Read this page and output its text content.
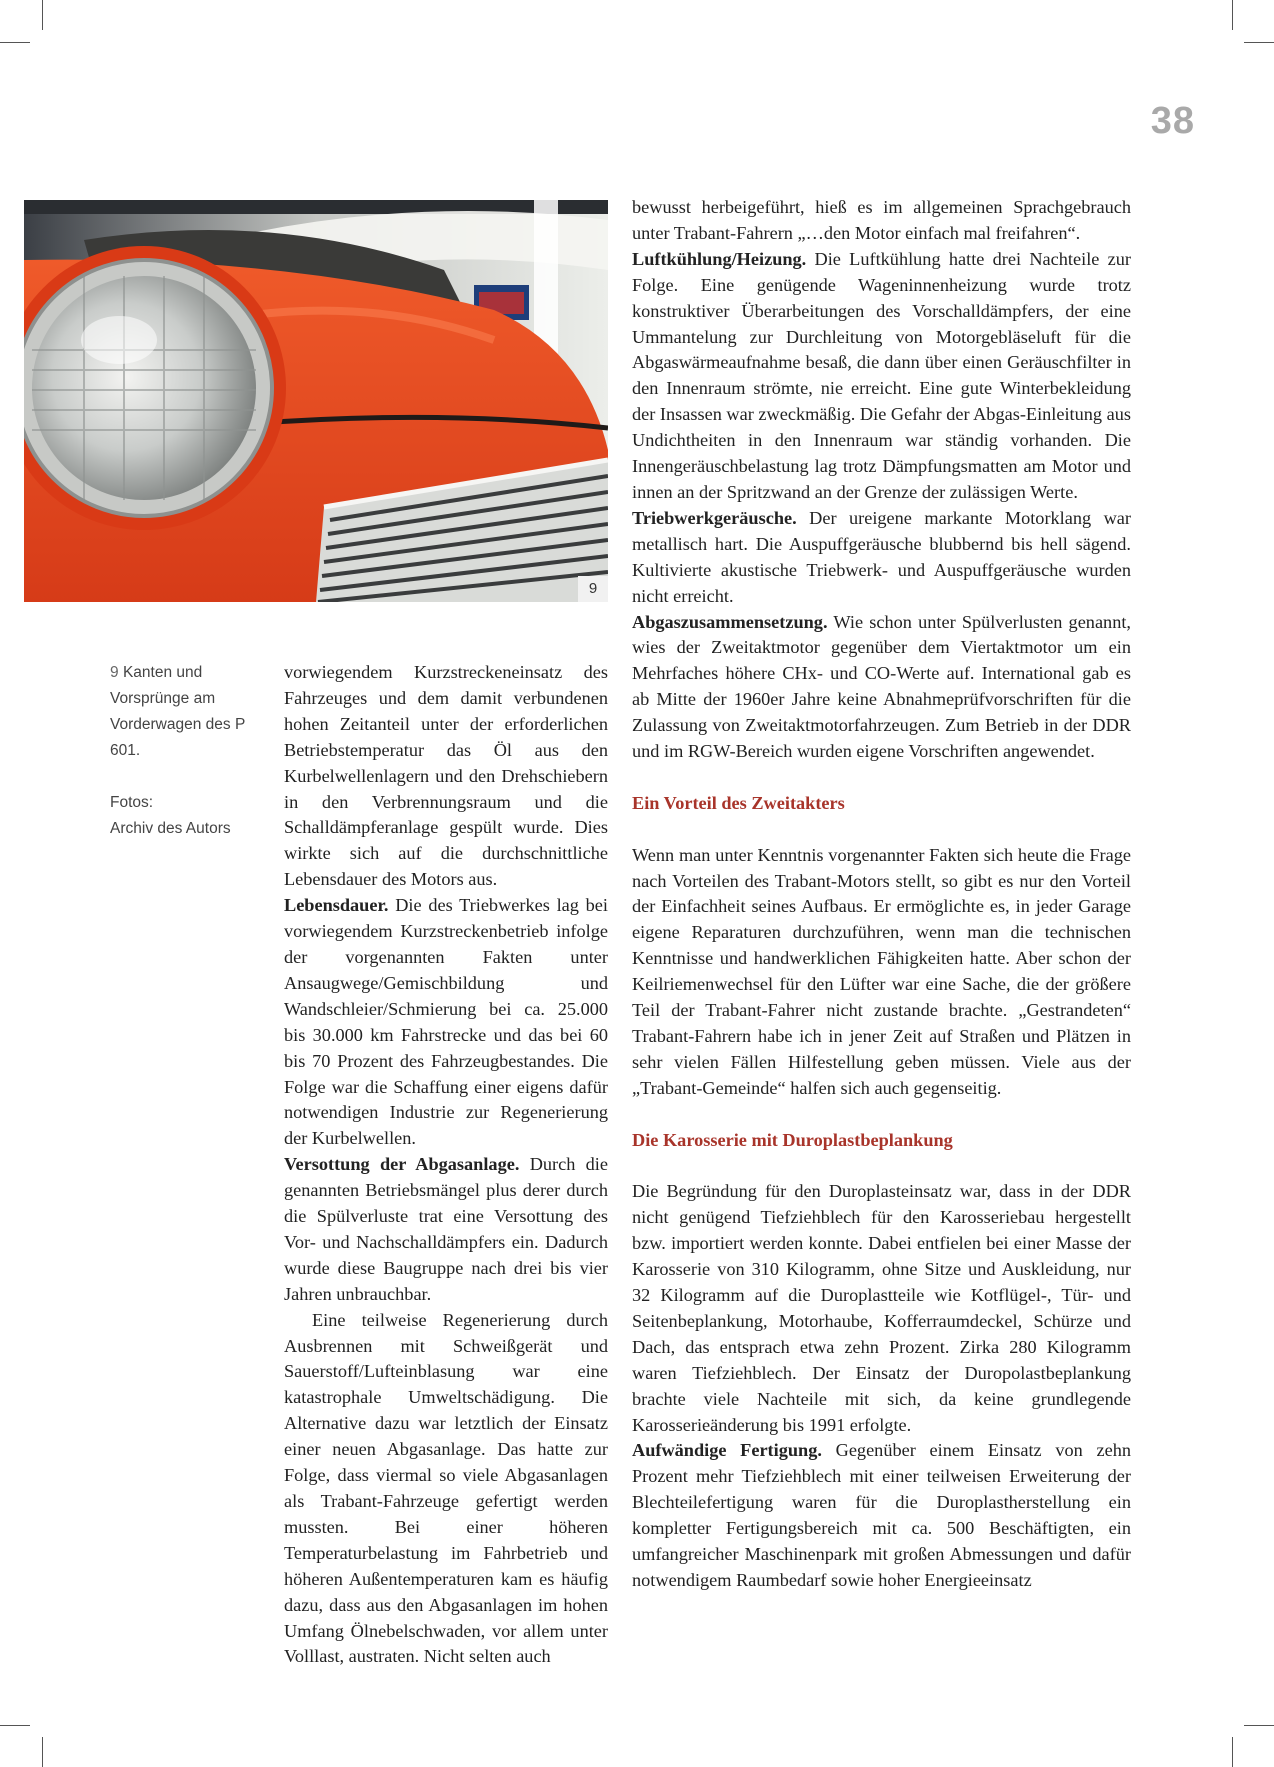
38
9
9 Kanten und Vorsprünge am Vorderwagen des P 601.
Fotos:
Archiv des Autors

vorwiegendem Kurzstreckeneinsatz des Fahrzeuges und dem damit verbundenen hohen Zeitanteil unter der erforderlichen Betriebstemperatur das Öl aus den Kurbelwellenlagern und den Drehschiebern in den Verbrennungsraum und die Schalldämpferanlage gespült wurde. Dies wirkte sich auf die durchschnittliche Lebensdauer des Motors aus.

Lebensdauer. Die des Triebwerkes lag bei vorwiegendem Kurzstreckenbetrieb infolge der vorgenannten Fakten unter Ansaugwege/Gemischbildung und Wandschleier/Schmierung bei ca. 25.000 bis 30.000 km Fahrstrecke und das bei 60 bis 70 Prozent des Fahrzeugbestandes. Die Folge war die Schaffung einer eigens dafür notwendigen Industrie zur Regenerierung der Kurbelwellen.

Versottung der Abgasanlage. Durch die genannten Betriebsmängel plus derer durch die Spülverluste trat eine Versottung des Vor- und Nachschalldämpfers ein. Dadurch wurde diese Baugruppe nach drei bis vier Jahren unbrauchbar.

Eine teilweise Regenerierung durch Ausbrennen mit Schweißgerät und Sauerstoff/Lufteinblasung war eine katastrophale Umweltschädigung. Die Alternative dazu war letztlich der Einsatz einer neuen Abgasanlage. Das hatte zur Folge, dass viermal so viele Abgasanlagen als Trabant-Fahrzeuge gefertigt werden mussten. Bei einer höheren Temperaturbelastung im Fahrbetrieb und höheren Außentemperaturen kam es häufig dazu, dass aus den Abgasanlagen im hohen Umfang Ölnebelschwaden, vor allem unter Volllast, austraten. Nicht selten auch

bewusst herbeigeführt, hieß es im allgemeinen Sprachgebrauch unter Trabant-Fahrern „…den Motor einfach mal freifahren“.

Luftkühlung/Heizung. Die Luftkühlung hatte drei Nachteile zur Folge. Eine genügende Wageninnenheizung wurde trotz konstruktiver Überarbeitungen des Vorschalldämpfers, der eine Ummantelung zur Durchleitung von Motorgebläseluft für die Abgaswärmeaufnahme besaß, die dann über einen Geräuschfilter in den Innenraum strömte, nie erreicht. Eine gute Winterbekleidung der Insassen war zweckmäßig. Die Gefahr der Abgas-Einleitung aus Undichtheiten in den Innenraum war ständig vorhanden. Die Innengeräuschbelastung lag trotz Dämpfungsmatten am Motor und innen an der Spritzwand an der Grenze der zulässigen Werte.

Triebwerkgeräusche. Der ureigene markante Motorklang war metallisch hart. Die Auspuffgeräusche blubbernd bis hell sägend. Kultivierte akustische Triebwerk- und Auspuffgeräusche wurden nicht erreicht.

Abgaszusammensetzung. Wie schon unter Spülverlusten genannt, wies der Zweitaktmotor gegenüber dem Viertaktmotor um ein Mehrfaches höhere CHx- und CO-Werte auf. International gab es ab Mitte der 1960er Jahre keine Abnahmeprüfvorschriften für die Zulassung von Zweitaktmotorfahrzeugen. Zum Betrieb in der DDR und im RGW-Bereich wurden eigene Vorschriften angewendet.

Ein Vorteil des Zweitakters

Wenn man unter Kenntnis vorgenannter Fakten sich heute die Frage nach Vorteilen des Trabant-Motors stellt, so gibt es nur den Vorteil der Einfachheit seines Aufbaus. Er ermöglichte es, in jeder Garage eigene Reparaturen durchzuführen, wenn man die technischen Kenntnisse und handwerklichen Fähigkeiten hatte. Aber schon der Keilriemenwechsel für den Lüfter war eine Sache, die der größere Teil der Trabant-Fahrer nicht zustande brachte. „Gestrandeten“ Trabant-Fahrern habe ich in jener Zeit auf Straßen und Plätzen in sehr vielen Fällen Hilfestellung geben müssen. Viele aus der „Trabant-Gemeinde“ halfen sich auch gegenseitig.

Die Karosserie mit Duroplastbeplankung

Die Begründung für den Duroplasteinsatz war, dass in der DDR nicht genügend Tiefziehblech für den Karosseriebau hergestellt bzw. importiert werden konnte. Dabei entfielen bei einer Masse der Karosserie von 310 Kilogramm, ohne Sitze und Auskleidung, nur 32 Kilogramm auf die Duroplastteile wie Kotflügel-, Tür- und Seitenbeplankung, Motorhaube, Kofferraumdeckel, Schürze und Dach, das entsprach etwa zehn Prozent. Zirka 280 Kilogramm waren Tiefziehblech. Der Einsatz der Duropolastbeplankung brachte viele Nachteile mit sich, da keine grundlegende Karosserieänderung bis 1991 erfolgte.

Aufwändige Fertigung. Gegenüber einem Einsatz von zehn Prozent mehr Tiefziehblech mit einer teilweisen Erweiterung der Blechteilefertigung waren für die Duroplastherstellung ein kompletter Fertigungsbereich mit ca. 500 Beschäftigten, ein umfangreicher Maschinenpark mit großen Abmessungen und dafür notwendigem Raumbedarf sowie hoher Energieeinsatz
